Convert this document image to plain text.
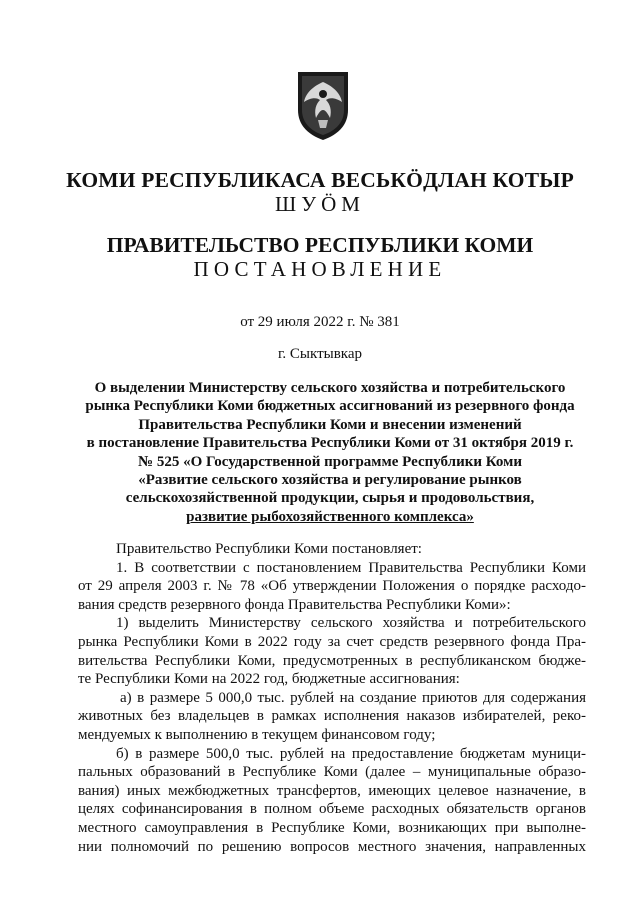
КОМИ РЕСПУБЛИКАСА ВЕСЬКÖДЛАН КОТЫР
ШУÖМ
ПРАВИТЕЛЬСТВО РЕСПУБЛИКИ КОМИ
ПОСТАНОВЛЕНИЕ
от 29 июля 2022 г. № 381
г. Сыктывкар
О выделении Министерству сельского хозяйства и потребительского
рынка Республики Коми бюджетных ассигнований из резервного фонда
Правительства Республики Коми и внесении изменений
в постановление Правительства Республики Коми от 31 октября 2019 г.
№ 525 «О Государственной программе Республики Коми
«Развитие сельского хозяйства и регулирование рынков
сельскохозяйственной продукции, сырья и продовольствия,
развитие рыбохозяйственного комплекса»
Правительство Республики Коми постановляет:
1. В соответствии с постановлением Правительства Республики Коми
от 29 апреля 2003 г. № 78 «Об утверждении Положения о порядке расходо-
вания средств резервного фонда Правительства Республики Коми»:
1) выделить Министерству сельского хозяйства и потребительского
рынка Республики Коми в 2022 году за счет средств резервного фонда Пра-
вительства Республики Коми, предусмотренных в республиканском бюдже-
те Республики Коми на 2022 год, бюджетные ассигнования:
а) в размере 5 000,0 тыс. рублей на создание приютов для содержания
животных без владельцев в рамках исполнения наказов избирателей, реко-
мендуемых к выполнению в текущем финансовом году;
б) в размере 500,0 тыс. рублей на предоставление бюджетам муници-
пальных образований в Республике Коми (далее – муниципальные образо-
вания) иных межбюджетных трансфертов, имеющих целевое назначение, в
целях софинансирования в полном объеме расходных обязательств органов
местного самоуправления в Республике Коми, возникающих при выполне-
нии полномочий по решению вопросов местного значения, направленных
